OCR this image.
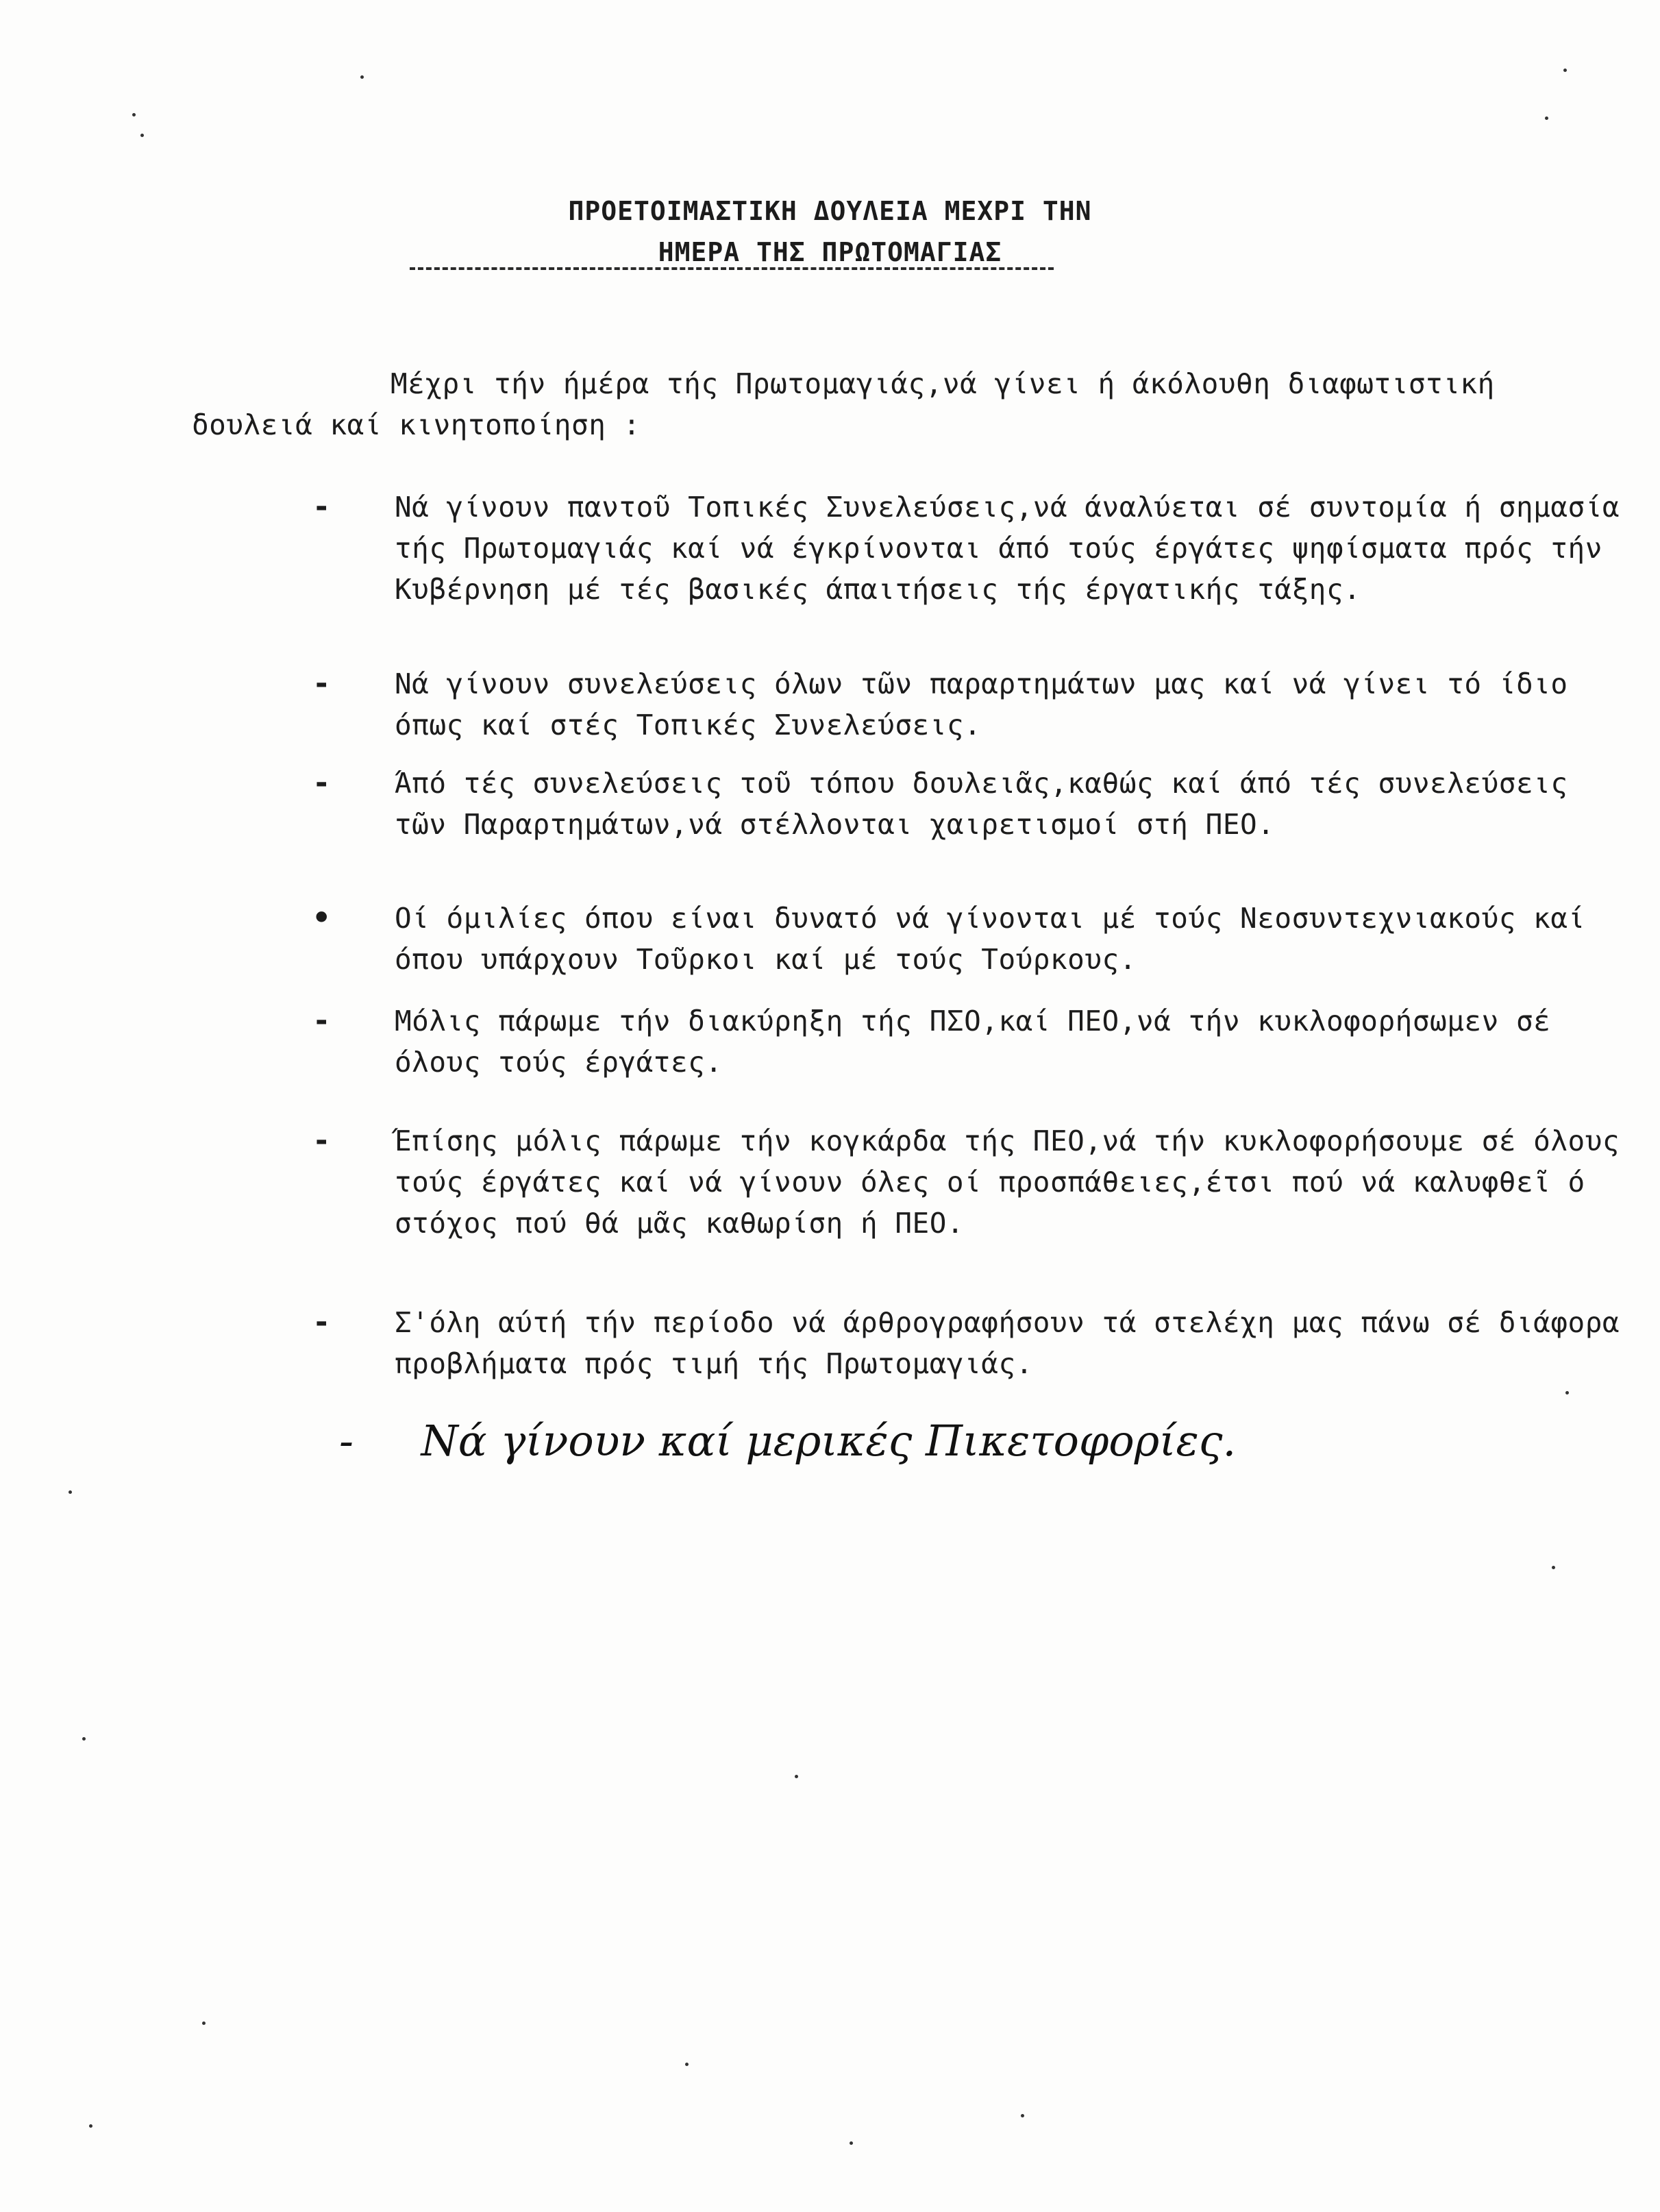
ΠΡΟΕΤΟΙΜΑΣΤΙΚΗ ΔΟΥΛΕΙΑ ΜΕΧΡΙ ΤΗΝ
ΗΜΕΡΑ ΤΗΣ ΠΡΩΤΟΜΑΓΙΑΣ
Μέχρι τήν ήμέρα τής Πρωτομαγιάς,νά γίνει ή άκόλουθη διαφωτιστική δουλειά καί κινητοποίηση :
-	Νά γίνουν παντοῦ Τοπικές Συνελεύσεις,νά άναλύεται σέ συντομία ή σημασία τής Πρωτομαγιάς καί νά έγκρίνονται άπό τούς έργάτες ψηφίσματα πρός τήν Κυβέρνηση μέ τές βασικές άπαιτήσεις τής έργατικής τάξης.
-	Νά γίνουν συνελεύσεις όλων τῶν παραρτημάτων μας καί νά γίνει τό ίδιο όπως καί στές Τοπικές Συνελεύσεις.
-	Άπό τές συνελεύσεις τοῦ τόπου δουλειᾶς,καθώς καί άπό τές συνελεύσεις τῶν Παραρτημάτων,νά στέλλονται χαιρετισμοί στή ΠΕΟ.
•	Οί όμιλίες όπου είναι δυνατό νά γίνονται μέ τούς Νεοσυντεχνιακούς καί όπου υπάρχουν Τοῦρκοι καί μέ τούς Τούρκους.
-	Μόλις πάρωμε τήν διακύρηξη τής ΠΣΟ,καί ΠΕΟ,νά τήν κυκλοφορήσωμεν σέ όλους τούς έργάτες.
-	Έπίσης μόλις πάρωμε τήν κογκάρδα τής ΠΕΟ,νά τήν κυκλοφορήσουμε σέ όλους τούς έργάτες καί νά γίνουν όλες οί προσπάθειες,έτσι πού νά καλυφθεῖ ό στόχος πού θά μᾶς καθωρίση ή ΠΕΟ.
-	Σ'όλη αύτή τήν περίοδο νά άρθρογραφήσουν τά στελέχη μας πάνω σέ διάφορα προβλήματα πρός τιμή τής Πρωτομαγιάς.
- Νά γίνουν καί μερικές Πικετοφορίες.
